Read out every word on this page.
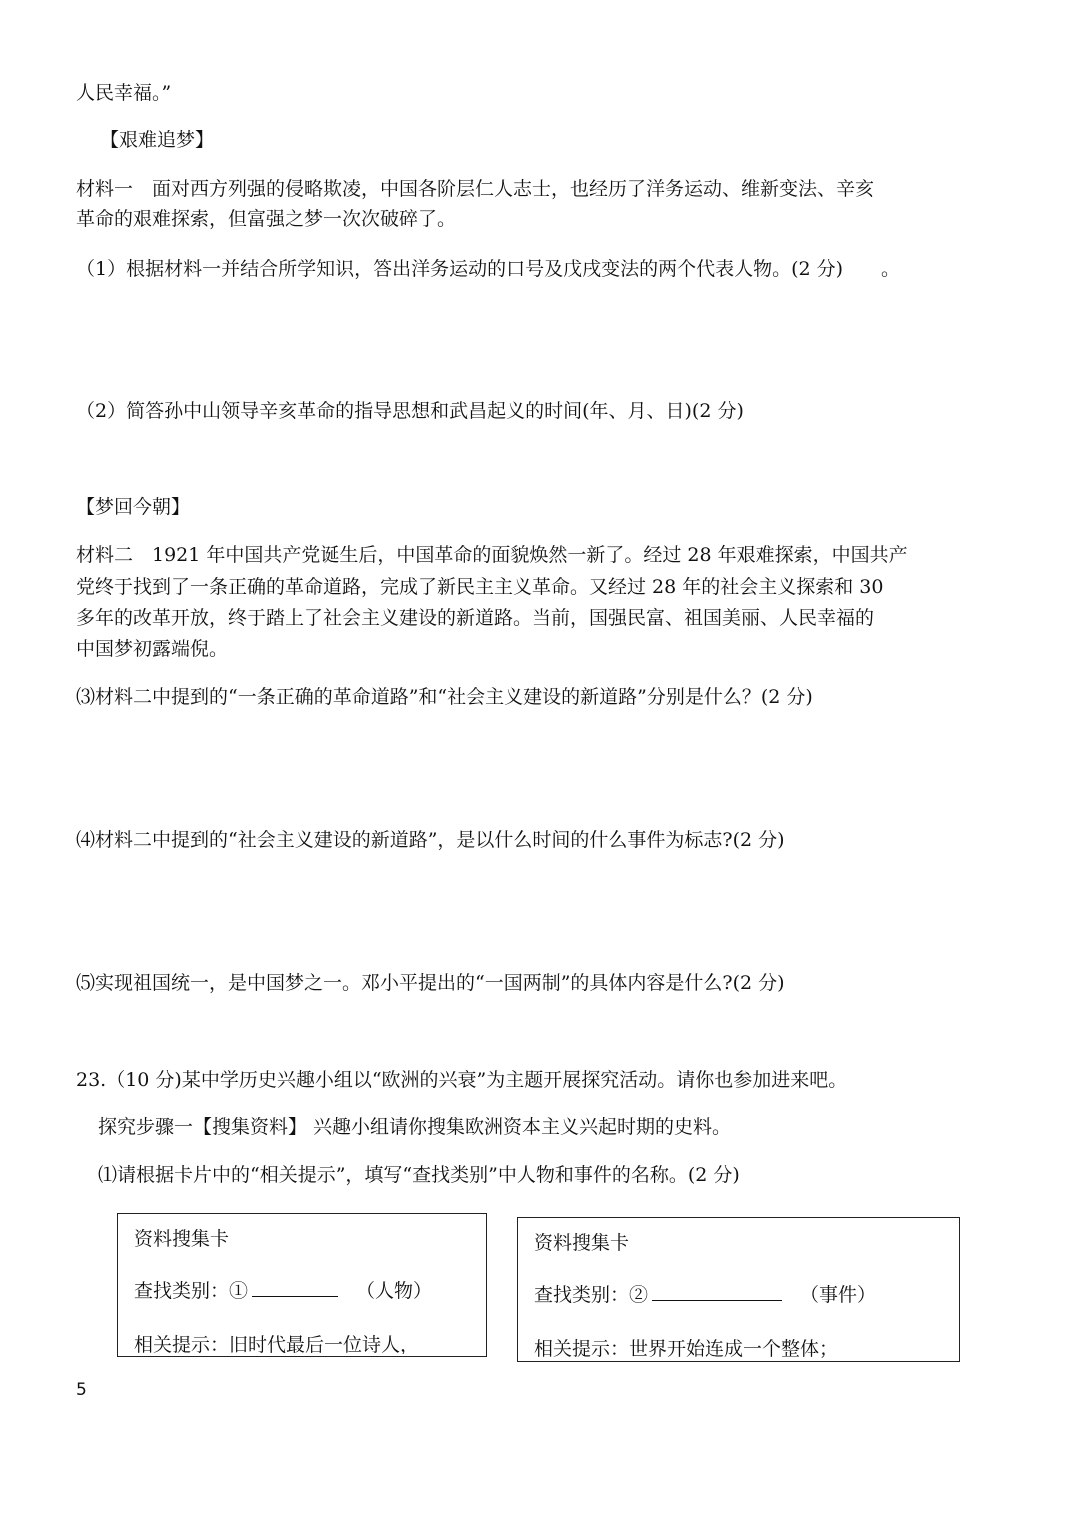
人民幸福。”
【艰难追梦】
材料一　面对西方列强的侵略欺凌，中国各阶层仁人志士，也经历了洋务运动、维新变法、辛亥
革命的艰难探索，但富强之梦一次次破碎了。
（1）根据材料一并结合所学知识，答出洋务运动的口号及戊戌变法的两个代表人物。(2 分)　　。
（2）简答孙中山领导辛亥革命的指导思想和武昌起义的时间(年、月、日)(2 分)
【梦回今朝】
材料二　1921 年中国共产党诞生后，中国革命的面貌焕然一新了。经过 28 年艰难探索，中国共产
党终于找到了一条正确的革命道路，完成了新民主主义革命。又经过 28 年的社会主义探索和 30
多年的改革开放，终于踏上了社会主义建设的新道路。当前，国强民富、祖国美丽、人民幸福的
中国梦初露端倪。
⑶材料二中提到的“一条正确的革命道路”和“社会主义建设的新道路”分别是什么？(2 分)
⑷材料二中提到的“社会主义建设的新道路”，是以什么时间的什么事件为标志?(2 分)
⑸实现祖国统一，是中国梦之一。邓小平提出的“一国两制”的具体内容是什么?(2 分)
23.（10 分)某中学历史兴趣小组以“欧洲的兴衰”为主题开展探究活动。请你也参加进来吧。
探究步骤一【搜集资料】 兴趣小组请你搜集欧洲资本主义兴起时期的史料。
⑴请根据卡片中的“相关提示”，填写“查找类别”中人物和事件的名称。(2 分)
资料搜集卡
查找类别：①	（人物）
相关提示：旧时代最后一位诗人，
资料搜集卡
查找类别：②	（事件）
相关提示：世界开始连成一个整体；
5
